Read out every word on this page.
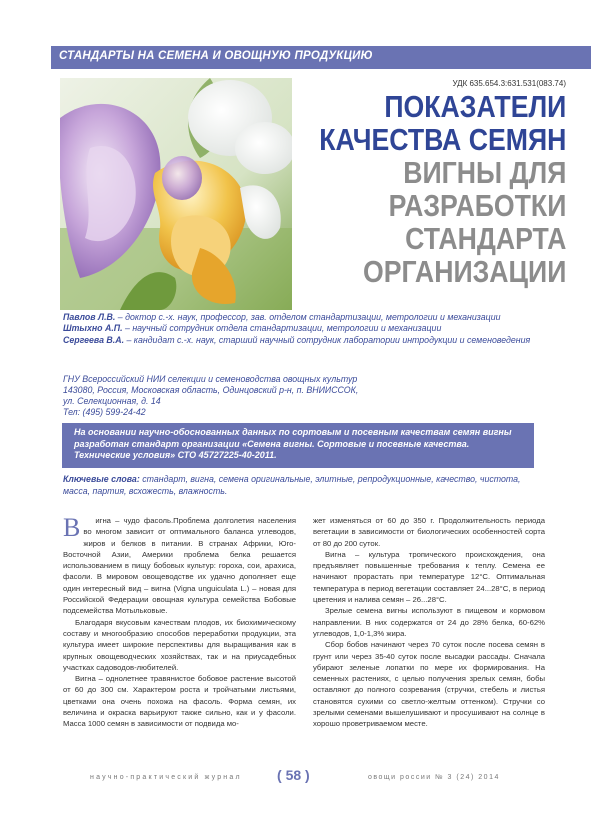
СТАНДАРТЫ НА СЕМЕНА И ОВОЩНУЮ ПРОДУКЦИЮ
УДК 635.654.3:631.531(083.74)
ПОКАЗАТЕЛИ
КАЧЕСТВА СЕМЯН
ВИГНЫ ДЛЯ
РАЗРАБОТКИ
СТАНДАРТА
ОРГАНИЗАЦИИ

Павлов Л.В. – доктор с.-х. наук, профессор, зав. отделом стандартизации, метрологии и механизации

Штыхно А.П. – научный сотрудник отдела стандартизации, метрологии и механизации

Сергеева В.А. – кандидат с.-х. наук, старший научный сотрудник лаборатории интродукции и семеноведения

ГНУ Всероссийский НИИ селекции и семеноводства овощных культур

143080, Россия, Московская область, Одинцовский р-н, п. ВНИИССОК,

ул. Селекционная, д. 14

Тел: (495) 599-24-42

На основании научно-обоснованных данных по сортовым и посевным качествам семян вигны разработан стандарт организации «Семена вигны. Сортовые и посевные качества. Технические условия» СТО 45727225-40-2011.

Ключевые слова: стандарт, вигна, семена оригинальные, элитные, репродукционные, качество, чистота, масса, партия, всхожесть, влажность.

В игна – чудо фасоль.Проблема долголетия населения во многом зависит от оптимального баланса углеводов, жиров и белков в питании. В странах Африки, Юго-Восточной Азии, Америки проблема белка решается использованием в пищу бобовых культур: гороха, сои, арахиса, фасоли. В мировом овощеводстве их удачно дополняет еще один интересный вид – вигна (Vigna unguiculata L.) – новая для Российской Федерации овощная культура семейства Бобовые подсемейства Мотыльковые.

Благодаря вкусовым качествам плодов, их биохимическому составу и многообразию способов переработки продукции, эта культура имеет широкие перспективы для выращивания как в крупных овощеводческих хозяйствах, так и на приусадебных участках садоводов-любителей.

Вигна – однолетнее травянистое бобовое растение высотой от 60 до 300 см. Характером роста и тройчатыми листьями, цветками она очень похожа на фасоль. Форма семян, их величина и окраска варьируют также сильно, как и у фасоли. Масса 1000 семян в зависимости от подвида мо-

жет изменяться от 60 до 350 г. Продолжительность периода вегетации в зависимости от биологических особенностей сорта от 80 до 200 суток.

Вигна – культура тропического происхождения, она предъявляет повышенные требования к теплу. Семена ее начинают прорастать при температуре 12°С. Оптимальная температура в период вегетации составляет 24...28°С, в период цветения и налива семян – 26...28°С.

Зрелые семена вигны используют в пищевом и кормовом направлении. В них содержатся от 24 до 28% белка, 60-62% углеводов, 1,0-1,3% жира.

Сбор бобов начинают через 70 суток после посева семян в грунт или через 35-40 суток после высадки рассады. Сначала убирают зеленые лопатки по мере их формирования. На семенных растениях, с целью получения зрелых семян, бобы оставляют до полного созревания (стручки, стебель и листья становятся сухими со светло-желтым оттенком). Стручки со зрелыми семенами вышелушивают и просушивают на солнце в хорошо проветриваемом месте.

научно-практический журнал	( 58 )	овощи россии № 3 (24) 2014
